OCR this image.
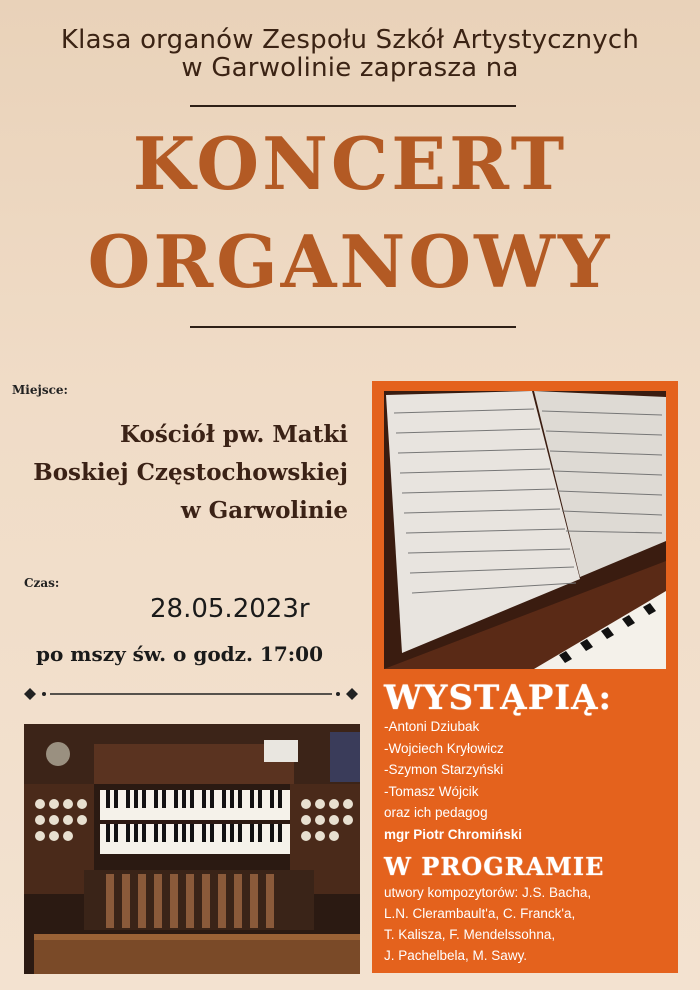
Klasa organów Zespołu Szkół Artystycznych
w Garwolinie zaprasza na
KONCERT
ORGANOWY
Miejsce:
Kościół pw. Matki
Boskiej Częstochowskiej
w Garwolinie
Czas:
28.05.2023r
po mszy św. o godz. 17:00
WYSTĄPIĄ:
-Antoni Dziubak
-Wojciech Kryłowicz
-Szymon Starzyński
-Tomasz Wójcik
oraz ich pedagog
mgr Piotr Chromiński
W PROGRAMIE
utwory kompozytorów: J.S. Bacha,
L.N. Clerambault'a, C. Franck'a,
T. Kalisza, F. Mendelssohna,
J. Pachelbela, M. Sawy.
